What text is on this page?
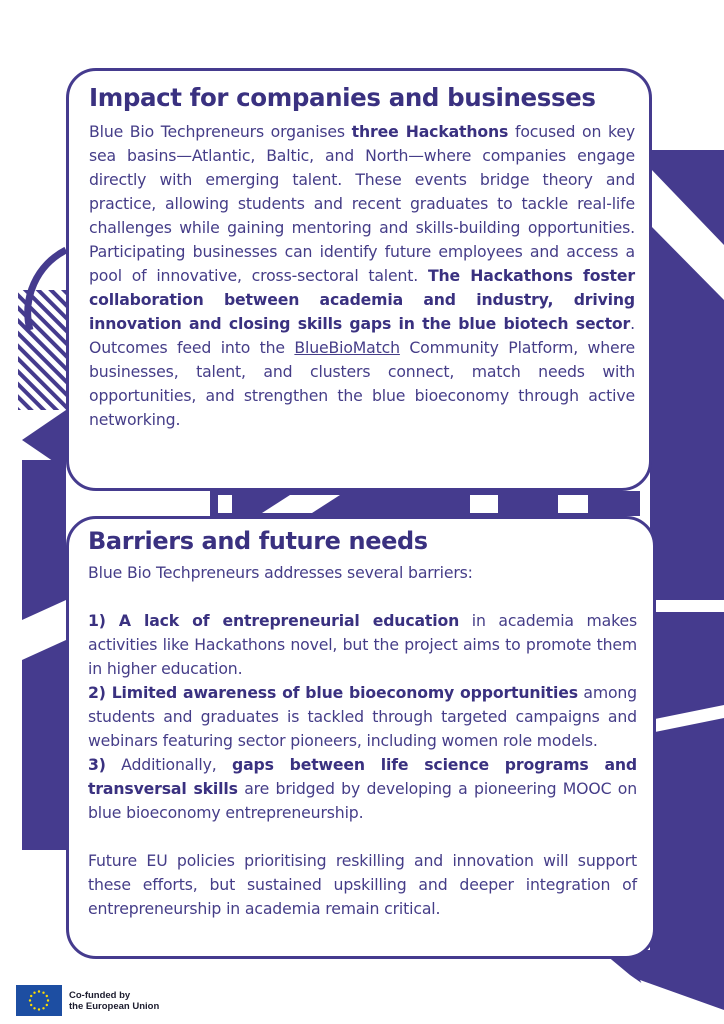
Impact for companies and businesses

Blue Bio Techpreneurs organises three Hackathons focused on key sea basins—Atlantic, Baltic, and North—where companies engage directly with emerging talent. These events bridge theory and practice, allowing students and recent graduates to tackle real-life challenges while gaining mentoring and skills-building opportunities. Participating businesses can identify future employees and access a pool of innovative, cross-sectoral talent. The Hackathons foster collaboration between academia and industry, driving innovation and closing skills gaps in the blue biotech sector. Outcomes feed into the BlueBioMatch Community Platform, where businesses, talent, and clusters connect, match needs with opportunities, and strengthen the blue bioeconomy through active networking.

Barriers and future needs

Blue Bio Techpreneurs addresses several barriers:

1) A lack of entrepreneurial education in academia makes activities like Hackathons novel, but the project aims to promote them in higher education.

2) Limited awareness of blue bioeconomy opportunities among students and graduates is tackled through targeted campaigns and webinars featuring sector pioneers, including women role models.

3) Additionally, gaps between life science programs and transversal skills are bridged by developing a pioneering MOOC on blue bioeconomy entrepreneurship.

Future EU policies prioritising reskilling and innovation will support these efforts, but sustained upskilling and deeper integration of entrepreneurship in academia remain critical.

Co-funded by
the European Union
